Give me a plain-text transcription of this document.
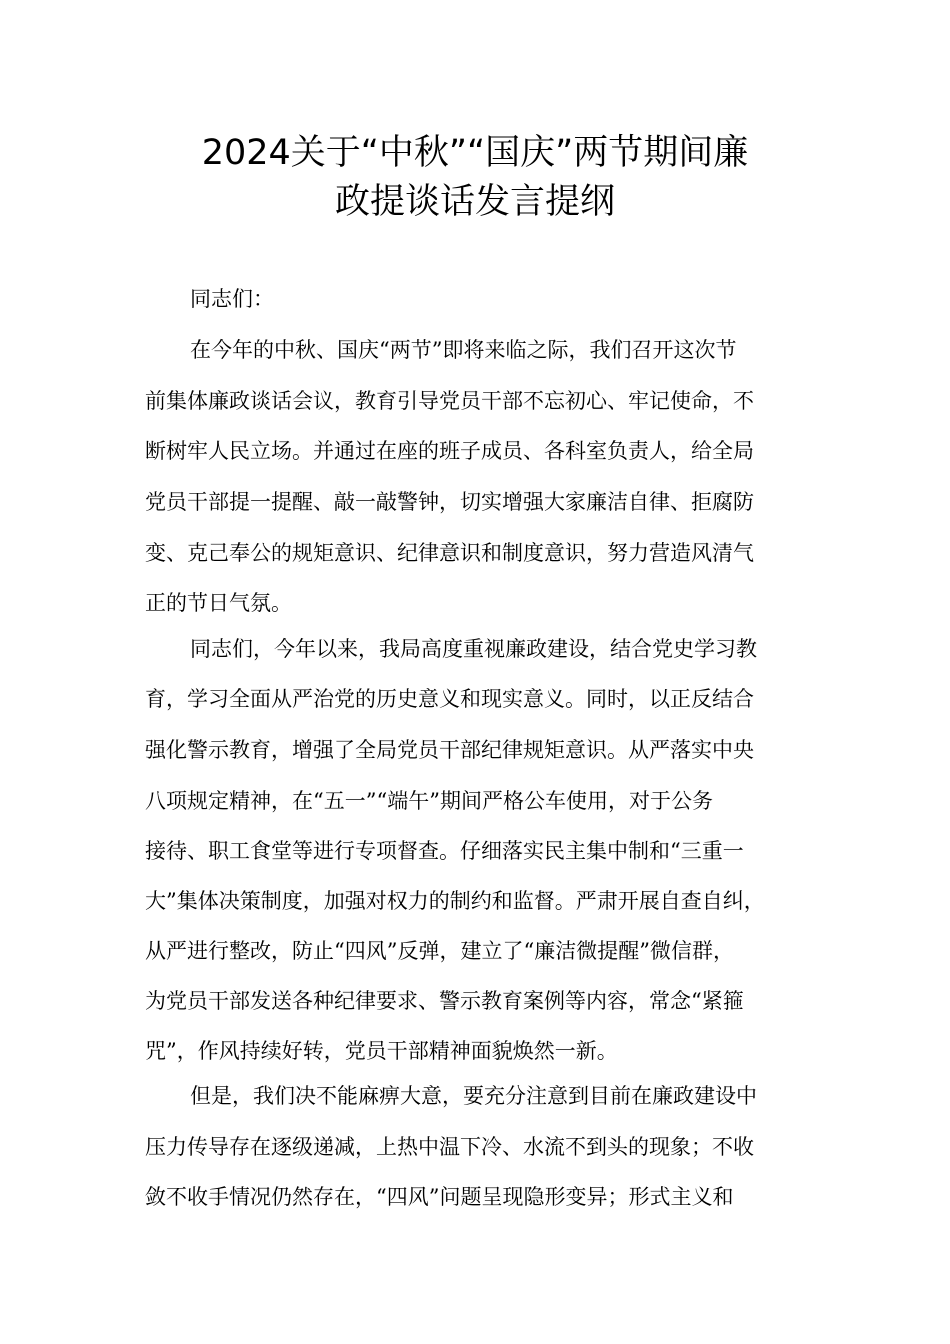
2024关于“中秋”“国庆”两节期间廉
政提谈话发言提纲

同志们：

在今年的中秋、国庆“两节”即将来临之际，我们召开这次节

前集体廉政谈话会议，教育引导党员干部不忘初心、牢记使命，不

断树牢人民立场。并通过在座的班子成员、各科室负责人，给全局

党员干部提一提醒、敲一敲警钟，切实增强大家廉洁自律、拒腐防

变、克己奉公的规矩意识、纪律意识和制度意识，努力营造风清气

正的节日气氛。

同志们，今年以来，我局高度重视廉政建设，结合党史学习教

育，学习全面从严治党的历史意义和现实意义。同时，以正反结合

强化警示教育，增强了全局党员干部纪律规矩意识。从严落实中央

八项规定精神，在“五一”“端午”期间严格公车使用，对于公务

接待、职工食堂等进行专项督查。仔细落实民主集中制和“三重一

大”集体决策制度，加强对权力的制约和监督。严肃开展自查自纠，

从严进行整改，防止“四风”反弹，建立了“廉洁微提醒”微信群，

为党员干部发送各种纪律要求、警示教育案例等内容，常念“紧箍

咒”，作风持续好转，党员干部精神面貌焕然一新。

但是，我们决不能麻痹大意，要充分注意到目前在廉政建设中

压力传导存在逐级递减，上热中温下冷、水流不到头的现象；不收

敛不收手情况仍然存在，“四风”问题呈现隐形变异；形式主义和
